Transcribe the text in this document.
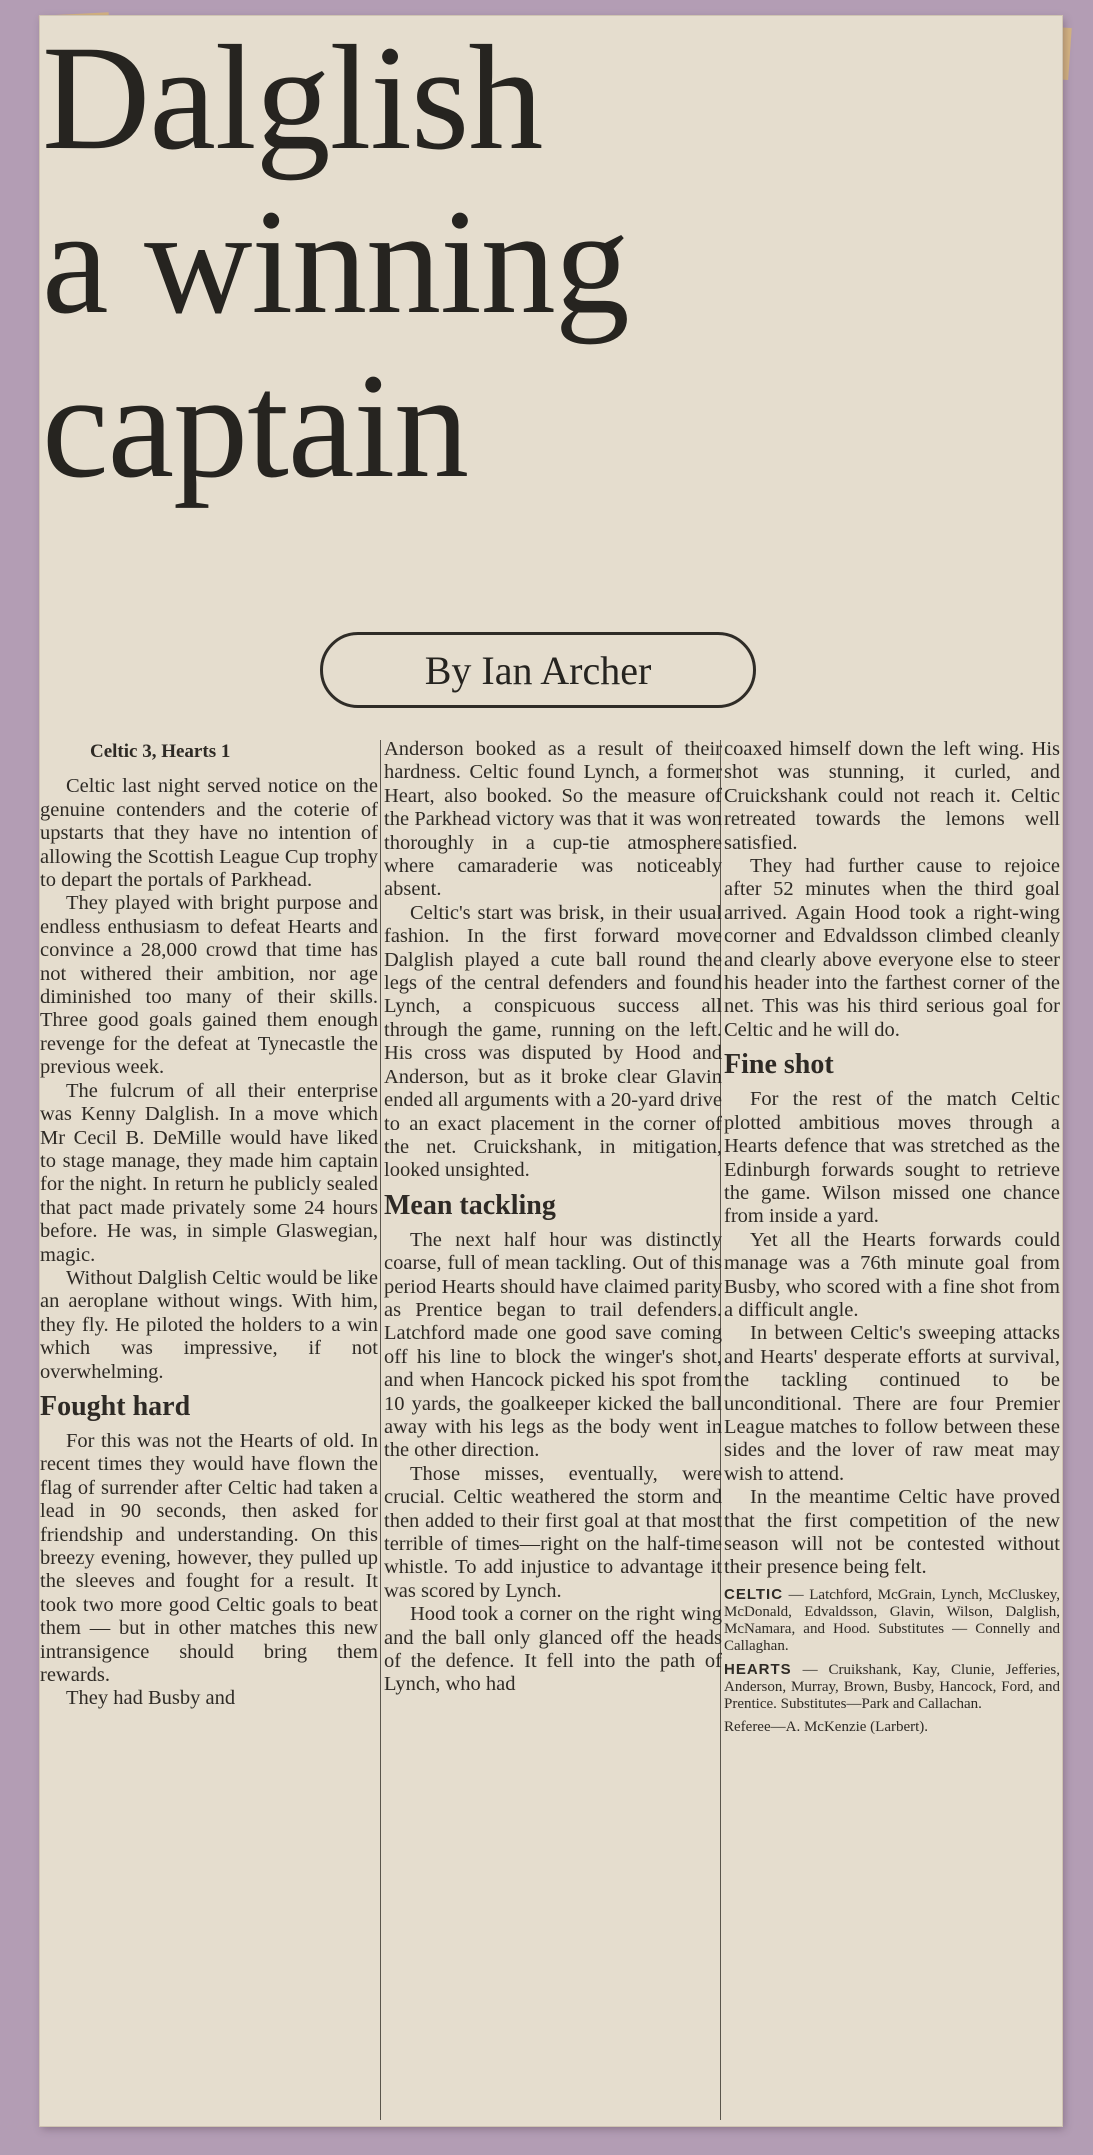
Dalglish
a winning
captain
By Ian Archer

Celtic 3, Hearts 1

Celtic last night served notice on the genuine contenders and the coterie of upstarts that they have no intention of allowing the Scottish League Cup trophy to depart the portals of Parkhead.

They played with bright purpose and endless enthusiasm to defeat Hearts and convince a 28,000 crowd that time has not withered their ambition, nor age diminished too many of their skills. Three good goals gained them enough revenge for the defeat at Tynecastle the previous week.

The fulcrum of all their enterprise was Kenny Dalglish. In a move which Mr Cecil B. DeMille would have liked to stage manage, they made him captain for the night. In return he publicly sealed that pact made privately some 24 hours before. He was, in simple Glaswegian, magic.

Without Dalglish Celtic would be like an aeroplane without wings. With him, they fly. He piloted the holders to a win which was impressive, if not overwhelming.

Fought hard

For this was not the Hearts of old. In recent times they would have flown the flag of surrender after Celtic had taken a lead in 90 seconds, then asked for friendship and understanding. On this breezy evening, however, they pulled up the sleeves and fought for a result. It took two more good Celtic goals to beat them — but in other matches this new intransigence should bring them rewards.

They had Busby and

Anderson booked as a result of their hardness. Celtic found Lynch, a former Heart, also booked. So the measure of the Parkhead victory was that it was won thoroughly in a cup-tie atmosphere where camaraderie was noticeably absent.

Celtic's start was brisk, in their usual fashion. In the first forward move Dalglish played a cute ball round the legs of the central defenders and found Lynch, a conspicuous success all through the game, running on the left. His cross was disputed by Hood and Anderson, but as it broke clear Glavin ended all arguments with a 20-yard drive to an exact placement in the corner of the net. Cruickshank, in mitigation, looked unsighted.

Mean tackling

The next half hour was distinctly coarse, full of mean tackling. Out of this period Hearts should have claimed parity as Prentice began to trail defenders. Latchford made one good save coming off his line to block the winger's shot, and when Hancock picked his spot from 10 yards, the goalkeeper kicked the ball away with his legs as the body went in the other direction.

Those misses, eventually, were crucial. Celtic weathered the storm and then added to their first goal at that most terrible of times—right on the half-time whistle. To add injustice to advantage it was scored by Lynch.

Hood took a corner on the right wing and the ball only glanced off the heads of the defence. It fell into the path of Lynch, who had

coaxed himself down the left wing. His shot was stunning, it curled, and Cruickshank could not reach it. Celtic retreated towards the lemons well satisfied.

They had further cause to rejoice after 52 minutes when the third goal arrived. Again Hood took a right-wing corner and Edvaldsson climbed cleanly and clearly above everyone else to steer his header into the farthest corner of the net. This was his third serious goal for Celtic and he will do.

Fine shot

For the rest of the match Celtic plotted ambitious moves through a Hearts defence that was stretched as the Edinburgh forwards sought to retrieve the game. Wilson missed one chance from inside a yard.

Yet all the Hearts forwards could manage was a 76th minute goal from Busby, who scored with a fine shot from a difficult angle.

In between Celtic's sweeping attacks and Hearts' desperate efforts at survival, the tackling continued to be unconditional. There are four Premier League matches to follow between these sides and the lover of raw meat may wish to attend.

In the meantime Celtic have proved that the first competition of the new season will not be contested without their presence being felt.

CELTIC — Latchford, McGrain, Lynch, McCluskey, McDonald, Edvaldsson, Glavin, Wilson, Dalglish, McNamara, and Hood. Substitutes — Connelly and Callaghan.

HEARTS — Cruikshank, Kay, Clunie, Jefferies, Anderson, Murray, Brown, Busby, Hancock, Ford, and Prentice. Substitutes—Park and Callachan.

Referee—A. McKenzie (Larbert).
